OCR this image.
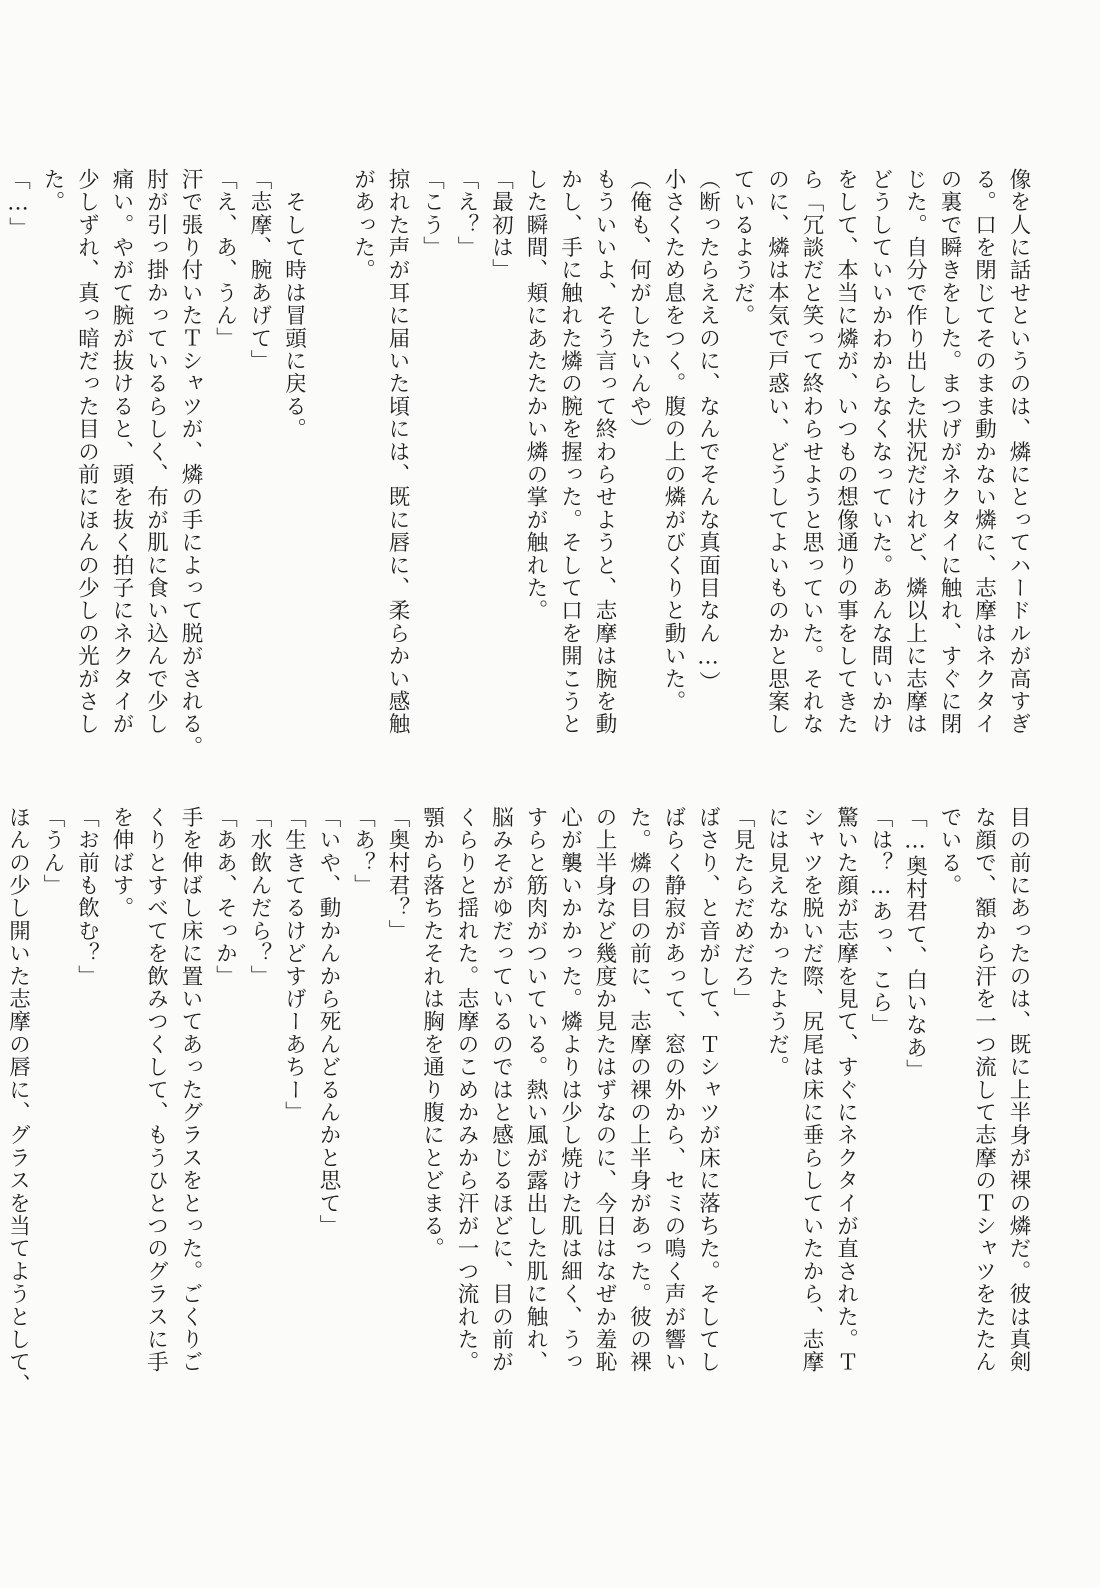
像を人に話せというのは、燐にとってハードルが高すぎ
る。口を閉じてそのまま動かない燐に、志摩はネクタイ
の裏で瞬きをした。まつげがネクタイに触れ、すぐに閉
じた。自分で作り出した状況だけれど、燐以上に志摩は
どうしていいかわからなくなっていた。あんな問いかけ
をして、本当に燐が、いつもの想像通りの事をしてきた
ら「冗談だと笑って終わらせようと思っていた。それな
のに、燐は本気で戸惑い、どうしてよいものかと思案し
ているようだ。
（断ったらええのに、なんでそんな真面目なん…）
小さくため息をつく。腹の上の燐がびくりと動いた。
（俺も、何がしたいんや）
もういいよ、そう言って終わらせようと、志摩は腕を動
かし、手に触れた燐の腕を握った。そして口を開こうと
した瞬間、頬にあたたかい燐の掌が触れた。
「最初は」
「え？」
「こう」
掠れた声が耳に届いた頃には、既に唇に、柔らかい感触
があった。

　そして時は冒頭に戻る。
「志摩、腕あげて」
「え、あ、うん」
汗で張り付いたＴシャツが、燐の手によって脱がされる。
肘が引っ掛かっているらしく、布が肌に食い込んで少し
痛い。やがて腕が抜けると、頭を抜く拍子にネクタイが
少しずれ、真っ暗だった目の前にほんの少しの光がさし
た。
「…」
目の前にあったのは、既に上半身が裸の燐だ。彼は真剣
な顔で、額から汗を一つ流して志摩のＴシャツをたたん
でいる。
「…奥村君て、白いなあ」
「は？…あっ、こら」
驚いた顔が志摩を見て、すぐにネクタイが直された。Ｔ
シャツを脱いだ際、尻尾は床に垂らしていたから、志摩
には見えなかったようだ。
「見たらだめだろ」
ばさり、と音がして、Ｔシャツが床に落ちた。そしてし
ばらく静寂があって、窓の外から、セミの鳴く声が響い
た。燐の目の前に、志摩の裸の上半身があった。彼の裸
の上半身など幾度か見たはずなのに、今日はなぜか羞恥
心が襲いかかった。燐よりは少し焼けた肌は細く、うっ
すらと筋肉がついている。熱い風が露出した肌に触れ、
脳みそがゆだっているのではと感じるほどに、目の前が
くらりと揺れた。志摩のこめかみから汗が一つ流れた。
顎から落ちたそれは胸を通り腹にとどまる。
「奥村君？」
「あ？」
「いや、動かんから死んどるんかと思て」
「生きてるけどすげーあちー」
「水飲んだら？」
「ああ、そっか」
手を伸ばし床に置いてあったグラスをとった。ごくりご
くりとすべてを飲みつくして、もうひとつのグラスに手
を伸ばす。
「お前も飲む？」
「うん」
ほんの少し開いた志摩の唇に、グラスを当てようとして、
